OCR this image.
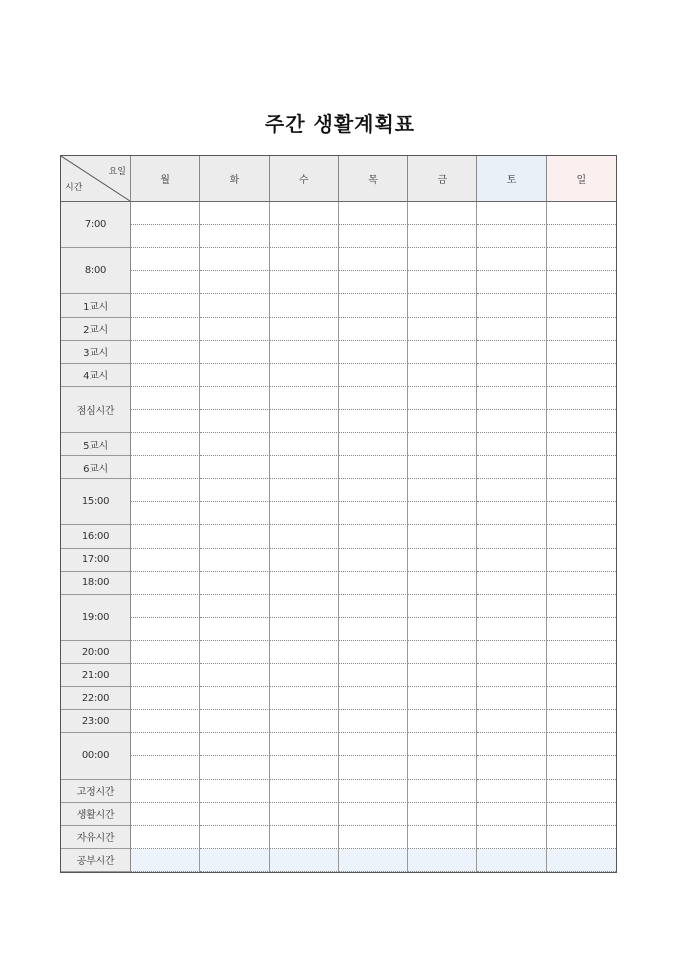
주간 생활계획표
요일
시간
월	화	수	목	금	토	일
7:00
8:00
1교시
2교시
3교시
4교시
점심시간
5교시
6교시
15:00
16:00
17:00
18:00
19:00
20:00
21:00
22:00
23:00
00:00
고정시간
생활시간
자유시간
공부시간
